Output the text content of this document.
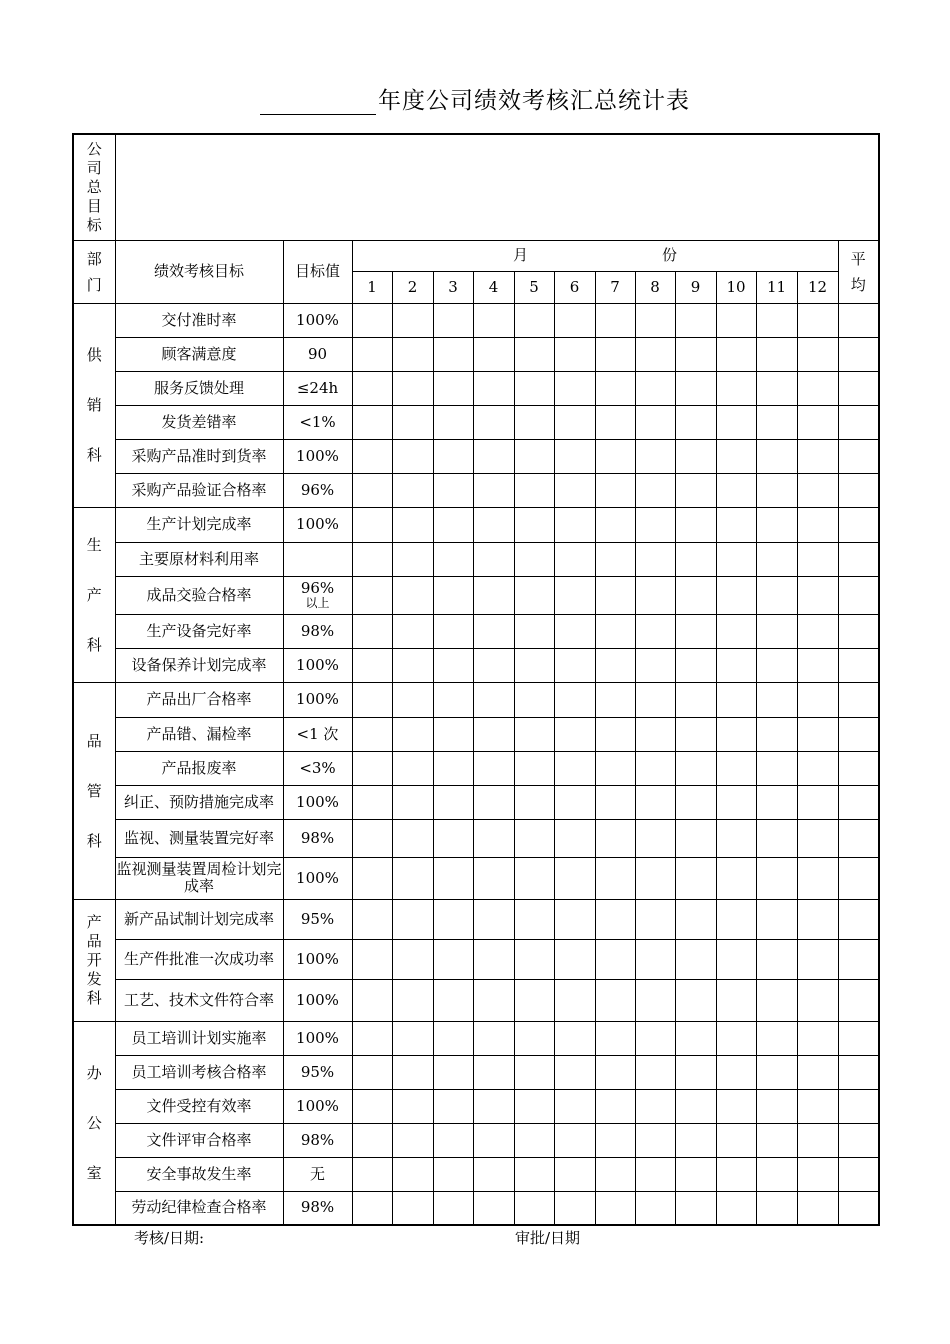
年度公司绩效考核汇总统计表
公司总目标															
部门	绩效考核目标	目标值	月 份												平均
			1	2	3	4	5	6	7	8	9	10	11	12	
供销科	交付准时率	100%													

	顾客满意度	90													

	服务反馈处理	≤24h													

	发货差错率	<1%													

	采购产品准时到货率	100%													

	采购产品验证合格率	96%													

生产科	生产计划完成率	100%													

	主要原材料利用率	

	成品交验合格率	96%
以上													

	生产设备完好率	98%													

	设备保养计划完成率	100%													

品管科	产品出厂合格率	100%													

	产品错、漏检率	<1 次													

	产品报废率	<3%													

	纠正、预防措施完成率	100%													

	监视、测量装置完好率	98%													

	监视测量装置周检计划完成率	100%													

产品开发科	新产品试制计划完成率	95%													

	生产件批准一次成功率	100%													

	工艺、技术文件符合率	100%													

办公室	员工培训计划实施率	100%													

	员工培训考核合格率	95%													

	文件受控有效率	100%													

	文件评审合格率	98%													

	安全事故发生率	无													

	劳动纪律检查合格率	98%													

考核/日期:	审批/日期
